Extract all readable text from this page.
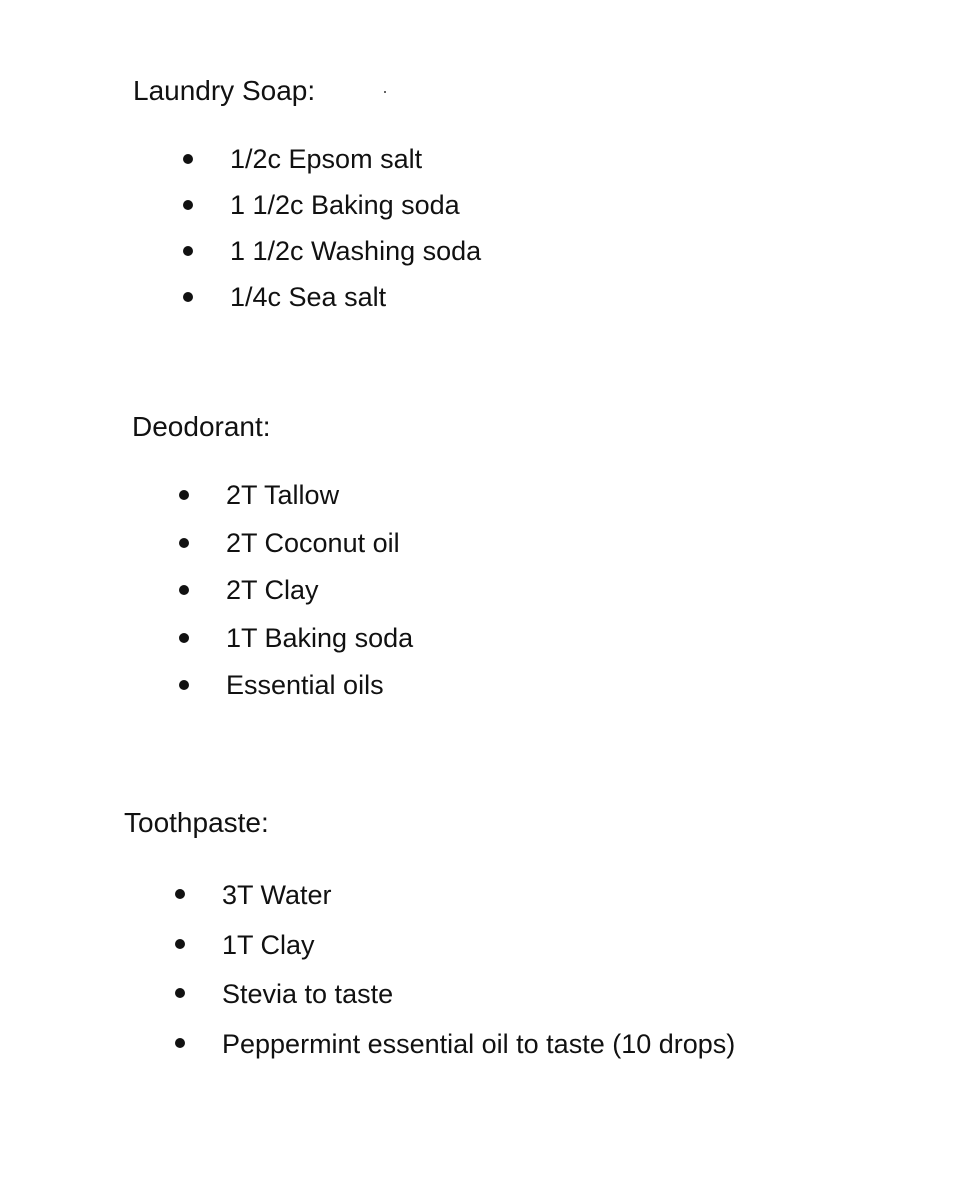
Laundry Soap:
1/2c Epsom salt
1 1/2c Baking soda
1 1/2c Washing soda
1/4c Sea salt
Deodorant:
2T Tallow
2T Coconut oil
2T Clay
1T Baking soda
Essential oils
Toothpaste:
3T Water
1T Clay
Stevia to taste
Peppermint essential oil to taste (10 drops)
